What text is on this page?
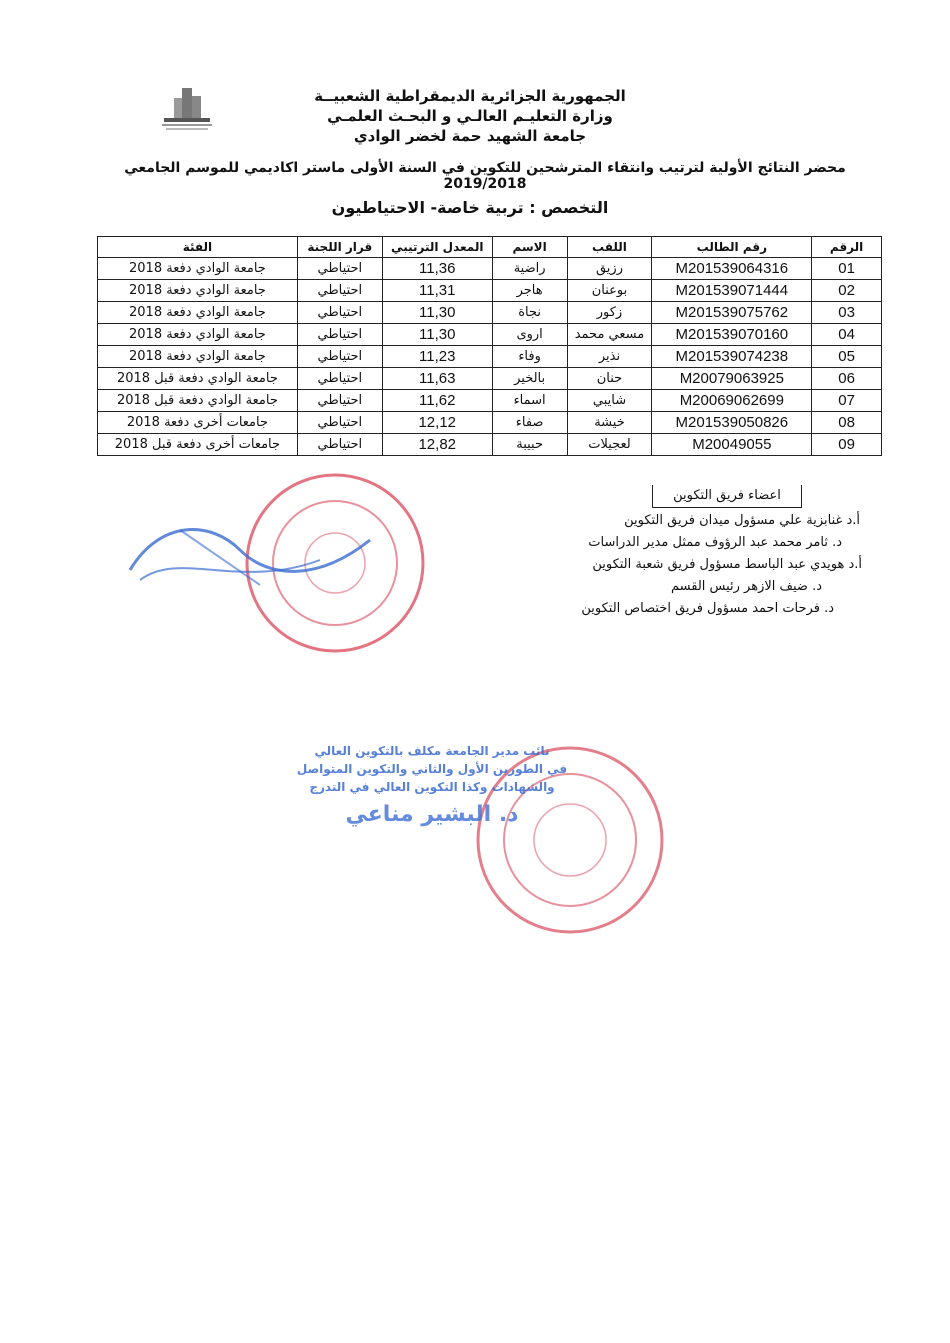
الجمهورية الجزائرية الديمقراطية الشعبيــة
وزارة التعليـم العالـي و البحـث العلمـي
جامعة الشهيد حمة لخضر الوادي
محضر النتائج الأولية لترتيب وانتقاء المترشحين للتكوين في السنة الأولى ماستر اكاديمي للموسم الجامعي 2019/2018
التخصص : تربية خاصة- الاحتياطيون
الرقم	رقم الطالب	اللقب	الاسم	المعدل الترتيبي	قرار اللجنة	الفئة
01	M201539064316	رزيق	راضية	11,36	احتياطي	جامعة الوادي دفعة 2018
02	M201539071444	بوعنان	هاجر	11,31	احتياطي	جامعة الوادي دفعة 2018
03	M201539075762	زكور	نجاة	11,30	احتياطي	جامعة الوادي دفعة 2018
04	M201539070160	مسعي محمد	اروى	11,30	احتياطي	جامعة الوادي دفعة 2018
05	M201539074238	نذير	وفاء	11,23	احتياطي	جامعة الوادي دفعة 2018
06	M20079063925	حنان	بالخير	11,63	احتياطي	جامعة الوادي دفعة قبل 2018
07	M20069062699	شايبي	اسماء	11,62	احتياطي	جامعة الوادي دفعة قبل 2018
08	M201539050826	خيشة	صفاء	12,12	احتياطي	جامعات أخرى دفعة 2018
09	M20049055	لعجيلات	حبيبة	12,82	احتياطي	جامعات أخرى دفعة قبل 2018
اعضاء فريق التكوين
أ.د غنابزية علي مسؤول ميدان فريق التكوين
د. ثامر محمد عبد الرؤوف ممثل مدير الدراسات
أ.د هويدي عبد الباسط مسؤول فريق شعبة التكوين
د. ضيف الازهر رئيس القسم
د. فرحات احمد مسؤول فريق اختصاص التكوين
نائب مدير الجامعة مكلف بالتكوين العالي
في الطورين الأول والثاني والتكوين المتواصل
والشهادات وكذا التكوين العالي في التدرج
د. البشير مناعي
